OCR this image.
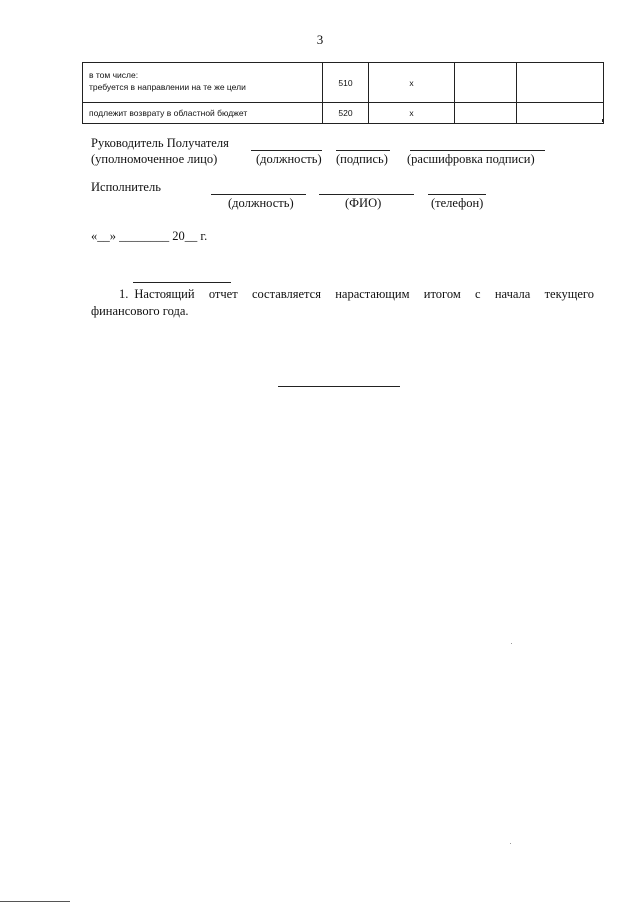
3
в том числе:
требуется в направлении на те же цели	510	x		
подлежит возврату в областной бюджет	520	x		
Руководитель Получателя
(уполномоченное лицо)	(должность) (подпись) (расшифровка подписи)
Исполнитель
(должность)	(ФИО)	(телефон)
«__» ________ 20__ г.
1. Настоящий отчет составляется нарастающим итогом с начала текущего
финансового года.
